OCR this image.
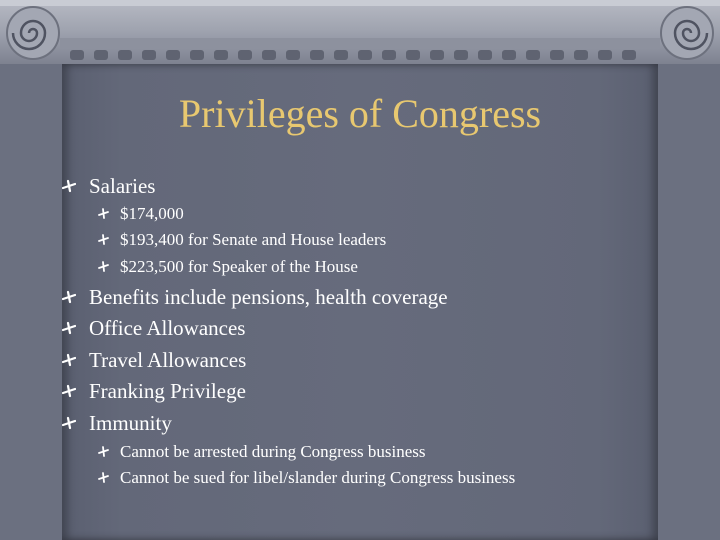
Privileges of Congress
Salaries
$174,000
$193,400 for Senate and House leaders
$223,500 for Speaker of the House
Benefits include pensions, health coverage
Office Allowances
Travel Allowances
Franking Privilege
Immunity
Cannot be arrested during Congress business
Cannot be sued for libel/slander during Congress business
